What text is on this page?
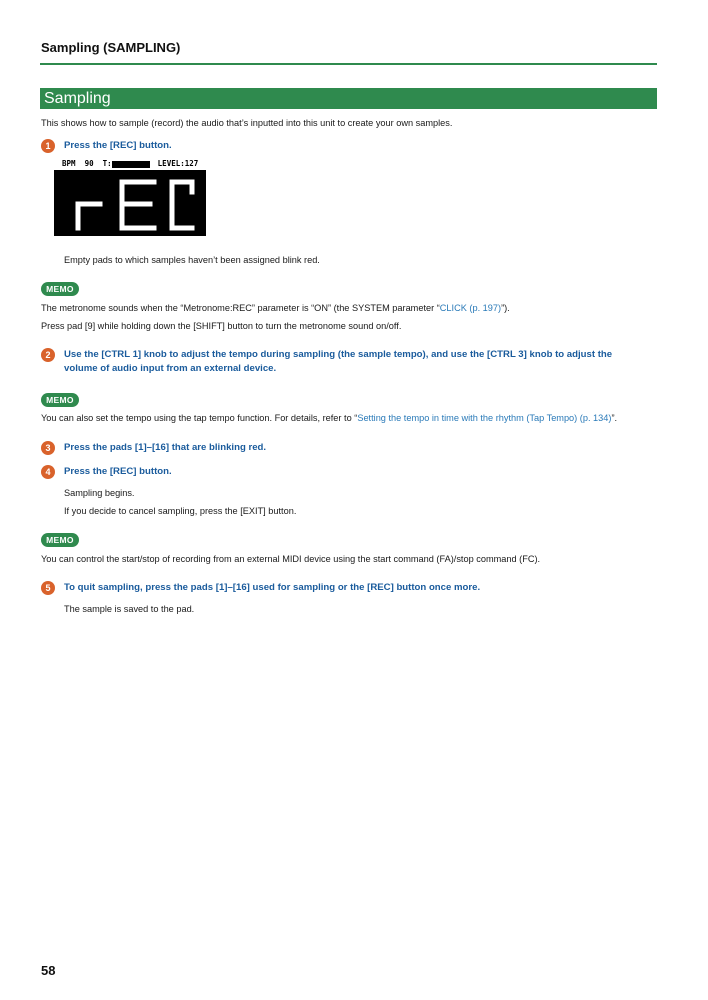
Sampling (SAMPLING)
Sampling
This shows how to sample (record) the audio that’s inputted into this unit to create your own samples.
1	Press the [REC] button.
BPM 90 T:	LEVEL:127
Empty pads to which samples haven’t been assigned blink red.
MEMO
The metronome sounds when the “Metronome:REC” parameter is “ON” (the SYSTEM parameter “CLICK (p. 197)”).
Press pad [9] while holding down the [SHIFT] button to turn the metronome sound on/off.
2	Use the [CTRL 1] knob to adjust the tempo during sampling (the sample tempo), and use the [CTRL 3] knob to adjust the
volume of audio input from an external device.
MEMO
You can also set the tempo using the tap tempo function. For details, refer to “Setting the tempo in time with the rhythm (Tap Tempo) (p. 134)”.
3	Press the pads [1]–[16] that are blinking red.
4	Press the [REC] button.
Sampling begins.
If you decide to cancel sampling, press the [EXIT] button.
MEMO
You can control the start/stop of recording from an external MIDI device using the start command (FA)/stop command (FC).
5	To quit sampling, press the pads [1]–[16] used for sampling or the [REC] button once more.
The sample is saved to the pad.
58
